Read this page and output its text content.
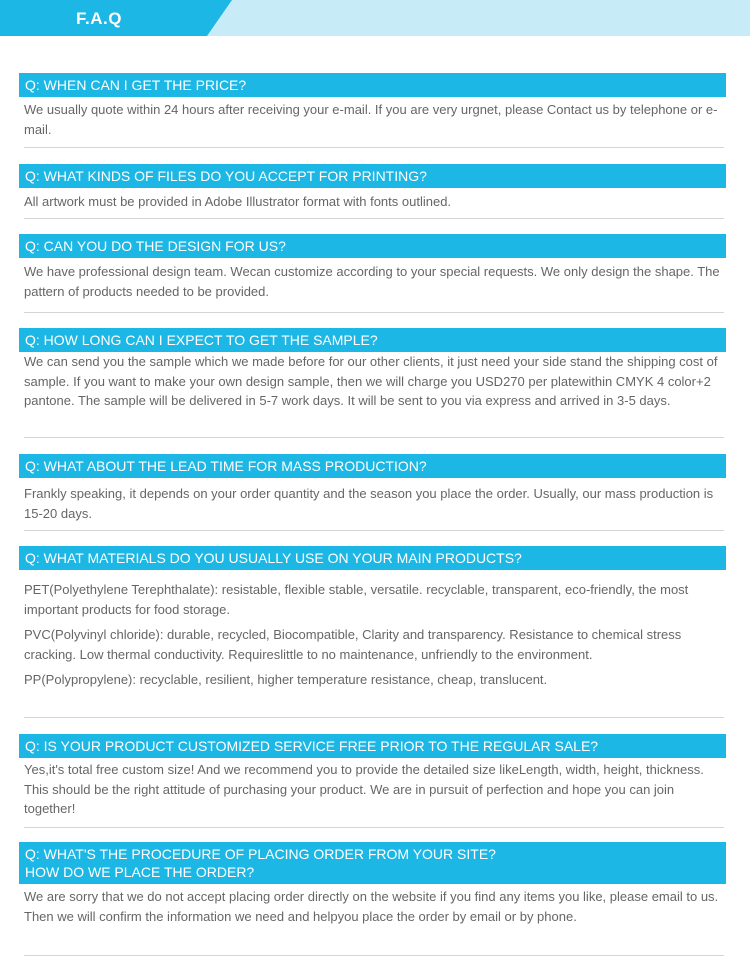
F.A.Q
Q: WHEN CAN I GET THE PRICE?

We usually quote within 24 hours after receiving your e-mail. If you are very urgnet, please Contact us by telephone or e-mail.

Q: WHAT KINDS OF FILES DO YOU ACCEPT FOR PRINTING?

All artwork must be provided in Adobe Illustrator format with fonts outlined.

Q: CAN YOU DO THE DESIGN FOR US?

We have professional design team. Wecan customize according to your special requests. We only design the shape. The pattern of products needed to be provided.

Q: HOW LONG CAN I EXPECT TO GET THE SAMPLE?

We can send you the sample which we made before for our other clients, it just need your side stand the shipping cost of sample. If you want to make your own design sample, then we will charge you USD270 per platewithin CMYK 4 color+2 pantone. The sample will be delivered in 5-7 work days. It will be sent to you via express and arrived in 3-5 days.

Q: WHAT ABOUT THE LEAD TIME FOR MASS PRODUCTION?

Frankly speaking, it depends on your order quantity and the season you place the order. Usually, our mass production is 15-20 days.

Q: WHAT MATERIALS DO YOU USUALLY USE ON YOUR MAIN PRODUCTS?

PET(Polyethylene Terephthalate): resistable, flexible stable, versatile. recyclable, transparent, eco-friendly, the most important products for food storage.

PVC(Polyvinyl chloride): durable, recycled, Biocompatible, Clarity and transparency. Resistance to chemical stress cracking. Low thermal conductivity. Requireslittle to no maintenance, unfriendly to the environment.

PP(Polypropylene): recyclable, resilient, higher temperature resistance, cheap, translucent.

Q: IS YOUR PRODUCT CUSTOMIZED SERVICE FREE PRIOR TO THE REGULAR SALE?

Yes,it's total free custom size! And we recommend you to provide the detailed size likeLength, width, height, thickness. This should be the right attitude of purchasing your product. We are in pursuit of perfection and hope you can join together!

Q: WHAT'S THE PROCEDURE OF PLACING ORDER FROM YOUR SITE?
HOW DO WE PLACE THE ORDER?

We are sorry that we do not accept placing order directly on the website if you find any items you like, please email to us. Then we will confirm the information we need and helpyou place the order by email or by phone.
